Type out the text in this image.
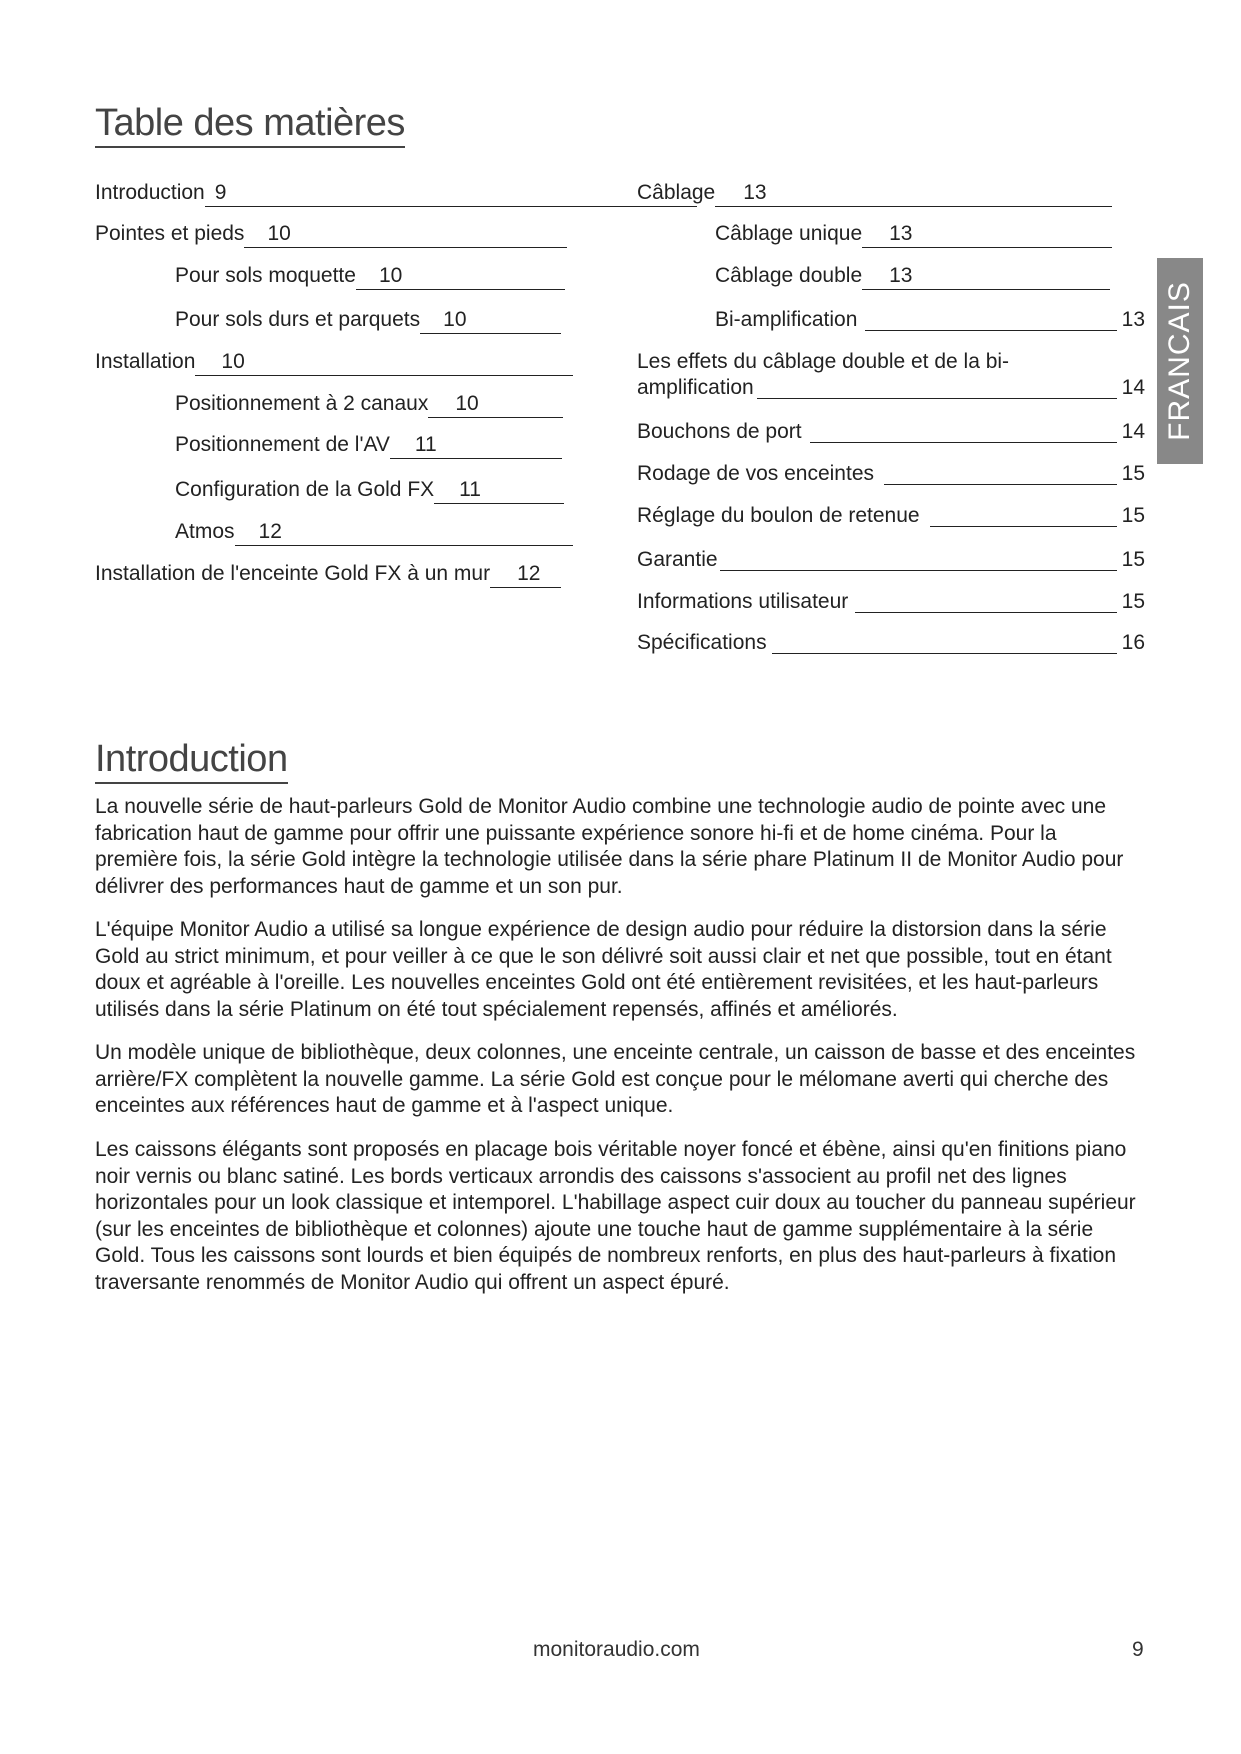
Table des matières
Introduction 9
Pointes et pieds 10
Pour sols moquette 10
Pour sols durs et parquets 10
Installation 10
Positionnement à 2 canaux 10
Positionnement de l'AV 11
Configuration de la Gold FX 11
Atmos 12
Installation de l'enceinte Gold FX à un mur 12
Câblage 13
Câblage unique 13
Câblage double 13
Bi-amplification	13
Les effets du câblage double et de la bi-
amplification	14
Bouchons de port	14
Rodage de vos enceintes	15
Réglage du boulon de retenue	15
Garantie	15
Informations utilisateur	15
Spécifications	16
FRANCAIS
Introduction

La nouvelle série de haut-parleurs Gold de Monitor Audio combine une technologie audio de pointe avec une fabrication haut de gamme pour offrir une puissante expérience sonore hi-fi et de home cinéma. Pour la première fois, la série Gold intègre la technologie utilisée dans la série phare Platinum II de Monitor Audio pour délivrer des performances haut de gamme et un son pur.

L'équipe Monitor Audio a utilisé sa longue expérience de design audio pour réduire la distorsion dans la série Gold au strict minimum, et pour veiller à ce que le son délivré soit aussi clair et net que possible, tout en étant doux et agréable à l'oreille. Les nouvelles enceintes Gold ont été entièrement revisitées, et les haut-parleurs utilisés dans la série Platinum on été tout spécialement repensés, affinés et améliorés.

Un modèle unique de bibliothèque, deux colonnes, une enceinte centrale, un caisson de basse et des enceintes arrière/FX complètent la nouvelle gamme. La série Gold est conçue pour le mélomane averti qui cherche des enceintes aux références haut de gamme et à l'aspect unique.

Les caissons élégants sont proposés en placage bois véritable noyer foncé et ébène, ainsi qu'en finitions piano noir vernis ou blanc satiné. Les bords verticaux arrondis des caissons s'associent au profil net des lignes horizontales pour un look classique et intemporel. L'habillage aspect cuir doux au toucher du panneau supérieur (sur les enceintes de bibliothèque et colonnes) ajoute une touche haut de gamme supplémentaire à la série Gold. Tous les caissons sont lourds et bien équipés de nombreux renforts, en plus des haut-parleurs à fixation traversante renommés de Monitor Audio qui offrent un aspect épuré.

monitoraudio.com	9
